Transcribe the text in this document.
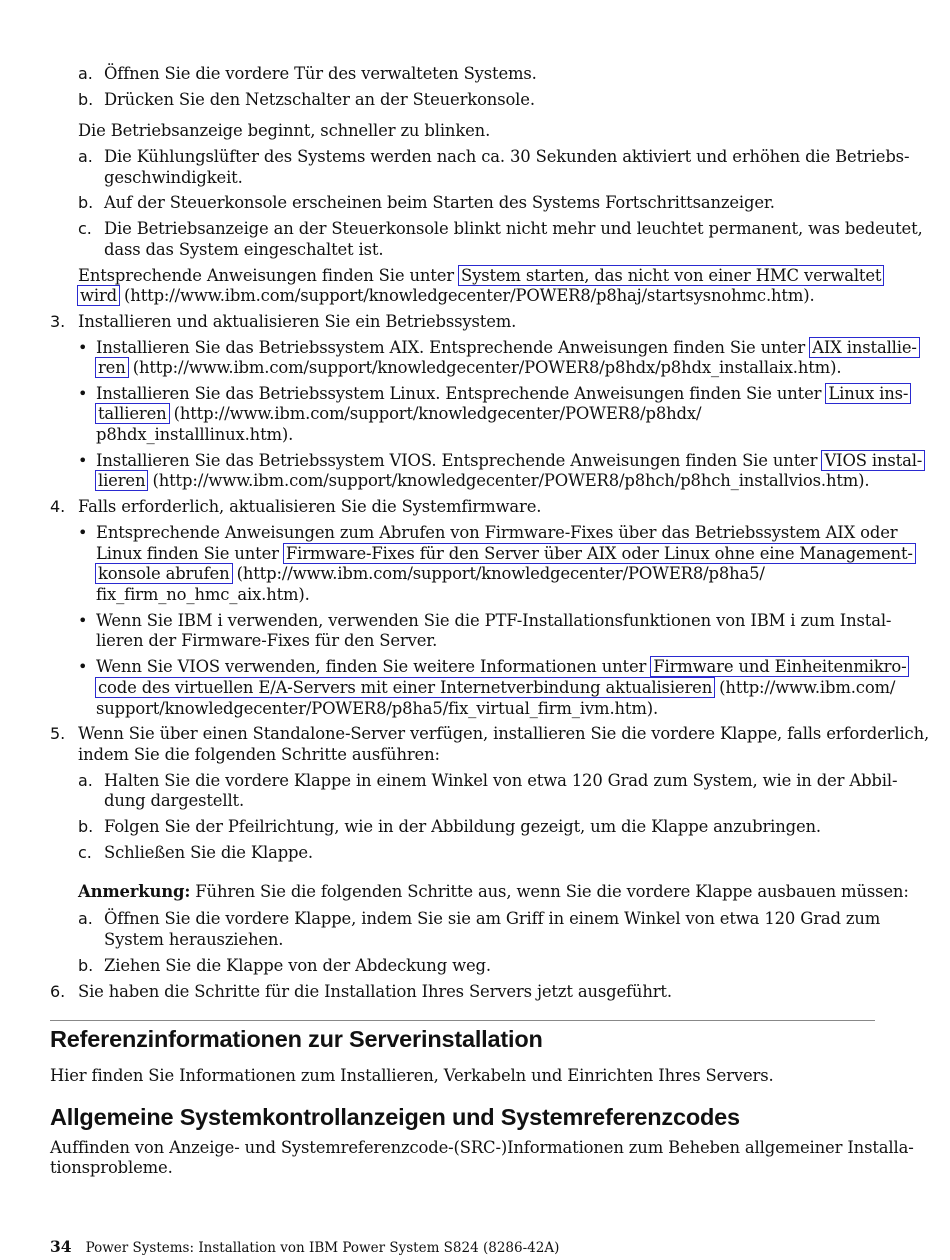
a. Öffnen Sie die vordere Tür des verwalteten Systems.
b. Drücken Sie den Netzschalter an der Steuerkonsole.
Die Betriebsanzeige beginnt, schneller zu blinken.
a. Die Kühlungslüfter des Systems werden nach ca. 30 Sekunden aktiviert und erhöhen die Betriebs-
geschwindigkeit.
b. Auf der Steuerkonsole erscheinen beim Starten des Systems Fortschrittsanzeiger.
c. Die Betriebsanzeige an der Steuerkonsole blinkt nicht mehr und leuchtet permanent, was bedeutet,
dass das System eingeschaltet ist.
Entsprechende Anweisungen finden Sie unter System starten, das nicht von einer HMC verwaltet
wird (http://www.ibm.com/support/knowledgecenter/POWER8/p8haj/startsysnohmc.htm).
3. Installieren und aktualisieren Sie ein Betriebssystem.
• Installieren Sie das Betriebssystem AIX. Entsprechende Anweisungen finden Sie unter AIX installie-
ren (http://www.ibm.com/support/knowledgecenter/POWER8/p8hdx/p8hdx_installaix.htm).
• Installieren Sie das Betriebssystem Linux. Entsprechende Anweisungen finden Sie unter Linux ins-
tallieren (http://www.ibm.com/support/knowledgecenter/POWER8/p8hdx/
p8hdx_installlinux.htm).
• Installieren Sie das Betriebssystem VIOS. Entsprechende Anweisungen finden Sie unter VIOS instal-
lieren (http://www.ibm.com/support/knowledgecenter/POWER8/p8hch/p8hch_installvios.htm).
4. Falls erforderlich, aktualisieren Sie die Systemfirmware.
• Entsprechende Anweisungen zum Abrufen von Firmware-Fixes über das Betriebssystem AIX oder
Linux finden Sie unter Firmware-Fixes für den Server über AIX oder Linux ohne eine Management-
konsole abrufen (http://www.ibm.com/support/knowledgecenter/POWER8/p8ha5/
fix_firm_no_hmc_aix.htm).
• Wenn Sie IBM i verwenden, verwenden Sie die PTF-Installationsfunktionen von IBM i zum Instal-
lieren der Firmware-Fixes für den Server.
• Wenn Sie VIOS verwenden, finden Sie weitere Informationen unter Firmware und Einheitenmikro-
code des virtuellen E/A-Servers mit einer Internetverbindung aktualisieren (http://www.ibm.com/
support/knowledgecenter/POWER8/p8ha5/fix_virtual_firm_ivm.htm).
5. Wenn Sie über einen Standalone-Server verfügen, installieren Sie die vordere Klappe, falls erforderlich,
indem Sie die folgenden Schritte ausführen:
a. Halten Sie die vordere Klappe in einem Winkel von etwa 120 Grad zum System, wie in der Abbil-
dung dargestellt.
b. Folgen Sie der Pfeilrichtung, wie in der Abbildung gezeigt, um die Klappe anzubringen.
c. Schließen Sie die Klappe.
Anmerkung: Führen Sie die folgenden Schritte aus, wenn Sie die vordere Klappe ausbauen müssen:
a. Öffnen Sie die vordere Klappe, indem Sie sie am Griff in einem Winkel von etwa 120 Grad zum
System herausziehen.
b. Ziehen Sie die Klappe von der Abdeckung weg.
6. Sie haben die Schritte für die Installation Ihres Servers jetzt ausgeführt.
Referenzinformationen zur Serverinstallation
Hier finden Sie Informationen zum Installieren, Verkabeln und Einrichten Ihres Servers.
Allgemeine Systemkontrollanzeigen und Systemreferenzcodes
Auffinden von Anzeige- und Systemreferenzcode-(SRC-)Informationen zum Beheben allgemeiner Installa-
tionsprobleme.
34 Power Systems: Installation von IBM Power System S824 (8286-42A)
